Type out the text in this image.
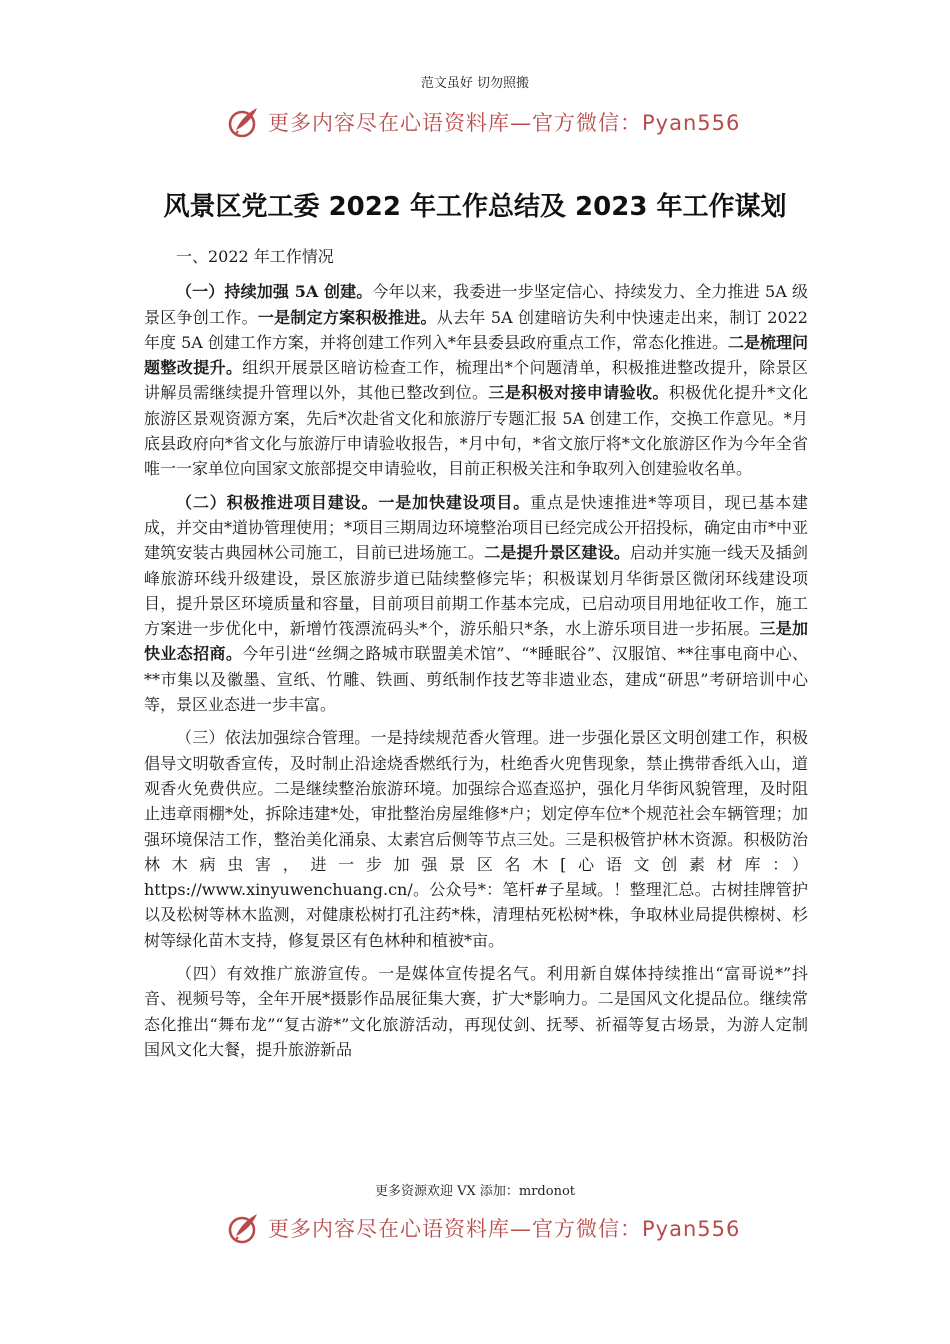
范文虽好 切勿照搬
更多内容尽在心语资料库—官方微信：Pyan556
风景区党工委 2022 年工作总结及 2023 年工作谋划

一、2022 年工作情况

（一）持续加强 5A 创建。今年以来，我委进一步坚定信心、持续发力、全力推进 5A 级景区争创工作。一是制定方案积极推进。从去年 5A 创建暗访失利中快速走出来，制订 2022 年度 5A 创建工作方案，并将创建工作列入*年县委县政府重点工作，常态化推进。二是梳理问题整改提升。组织开展景区暗访检查工作，梳理出*个问题清单，积极推进整改提升，除景区讲解员需继续提升管理以外，其他已整改到位。三是积极对接申请验收。积极优化提升*文化旅游区景观资源方案，先后*次赴省文化和旅游厅专题汇报 5A 创建工作，交换工作意见。*月底县政府向*省文化与旅游厅申请验收报告，*月中旬，*省文旅厅将*文化旅游区作为今年全省唯一一家单位向国家文旅部提交申请验收，目前正积极关注和争取列入创建验收名单。

（二）积极推进项目建设。一是加快建设项目。重点是快速推进*等项目，现已基本建成，并交由*道协管理使用；*项目三期周边环境整治项目已经完成公开招投标，确定由市*中亚建筑安装古典园林公司施工，目前已进场施工。二是提升景区建设。启动并实施一线天及插剑峰旅游环线升级建设，景区旅游步道已陆续整修完毕；积极谋划月华街景区微闭环线建设项目，提升景区环境质量和容量，目前项目前期工作基本完成，已启动项目用地征收工作，施工方案进一步优化中，新增竹筏漂流码头*个，游乐船只*条，水上游乐项目进一步拓展。三是加快业态招商。今年引进“丝绸之路城市联盟美术馆”、“*睡眠谷”、汉服馆、**往事电商中心、**市集以及徽墨、宣纸、竹雕、铁画、剪纸制作技艺等非遗业态，建成“研思”考研培训中心等，景区业态进一步丰富。

（三）依法加强综合管理。一是持续规范香火管理。进一步强化景区文明创建工作，积极倡导文明敬香宣传，及时制止沿途烧香燃纸行为，杜绝香火兜售现象，禁止携带香纸入山，道观香火免费供应。二是继续整治旅游环境。加强综合巡查巡护，强化月华街风貌管理，及时阻止违章雨棚*处，拆除违建*处，审批整治房屋维修*户；划定停车位*个规范社会车辆管理；加强环境保洁工作，整治美化涌泉、太素宫后侧等节点三处。三是积极管护林木资源。积极防治林木病虫害，进一步加强景区名木[心语文创素材库：）https://www.xinyuwenchuang.cn/。公众号*：笔杆#子星域。！整理汇总。古树挂牌管护以及松树等林木监测，对健康松树打孔注药*株，清理枯死松树*株，争取林业局提供檫树、杉树等绿化苗木支持，修复景区有色林种和植被*亩。

（四）有效推广旅游宣传。一是媒体宣传提名气。利用新自媒体持续推出“富哥说*”抖音、视频号等，全年开展*摄影作品展征集大赛，扩大*影响力。二是国风文化提品位。继续常态化推出“舞布龙”“复古游*”文化旅游活动，再现仗剑、抚琴、祈福等复古场景，为游人定制国风文化大餐，提升旅游新品

更多资源欢迎 VX 添加：mrdonot
更多内容尽在心语资料库—官方微信：Pyan556
